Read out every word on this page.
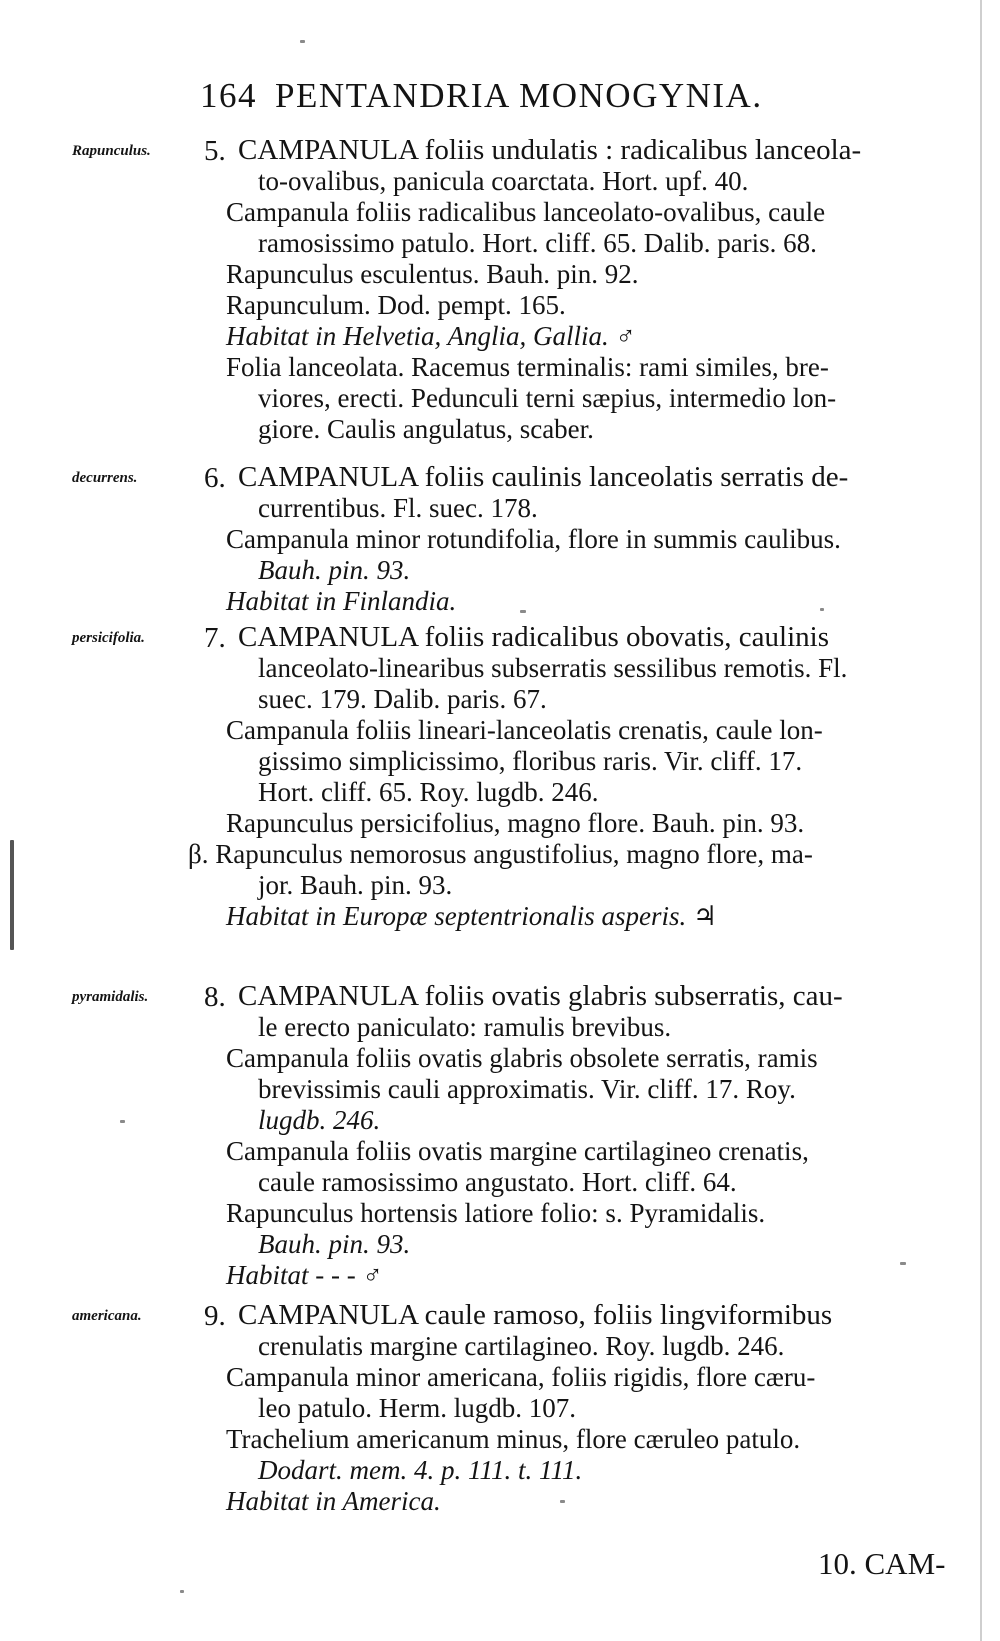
164 PENTANDRIA MONOGYNIA.
Rapunculus.	5. CAMPANULA foliis undulatis : radicalibus lanceola-
to-ovalibus, panicula coarctata. Hort. upf. 40.
Campanula foliis radicalibus lanceolato-ovalibus, caule
ramosissimo patulo. Hort. cliff. 65. Dalib. paris. 68.
Rapunculus esculentus. Bauh. pin. 92.
Rapunculum. Dod. pempt. 165.
Habitat in Helvetia, Anglia, Gallia. ♂
Folia lanceolata. Racemus terminalis: rami similes, bre-
viores, erecti. Pedunculi terni sæpius, intermedio lon-
giore. Caulis angulatus, scaber.
decurrens.	6. CAMPANULA foliis caulinis lanceolatis serratis de-
currentibus. Fl. suec. 178.
Campanula minor rotundifolia, flore in summis caulibus.
Bauh. pin. 93.
Habitat in Finlandia.
persicifolia.	7. CAMPANULA foliis radicalibus obovatis, caulinis
lanceolato-linearibus subserratis sessilibus remotis. Fl.
suec. 179. Dalib. paris. 67.
Campanula foliis lineari-lanceolatis crenatis, caule lon-
gissimo simplicissimo, floribus raris. Vir. cliff. 17.
Hort. cliff. 65. Roy. lugdb. 246.
Rapunculus persicifolius, magno flore. Bauh. pin. 93.
β. Rapunculus nemorosus angustifolius, magno flore, ma-
jor. Bauh. pin. 93.
Habitat in Europæ septentrionalis asperis. ♃
pyramidalis.	8. CAMPANULA foliis ovatis glabris subserratis, cau-
le erecto paniculato: ramulis brevibus.
Campanula foliis ovatis glabris obsolete serratis, ramis
brevissimis cauli approximatis. Vir. cliff. 17. Roy.
lugdb. 246.
Campanula foliis ovatis margine cartilagineo crenatis,
caule ramosissimo angustato. Hort. cliff. 64.
Rapunculus hortensis latiore folio: s. Pyramidalis.
Bauh. pin. 93.
Habitat - - - ♂
americana.	9. CAMPANULA caule ramoso, foliis lingviformibus
crenulatis margine cartilagineo. Roy. lugdb. 246.
Campanula minor americana, foliis rigidis, flore cæru-
leo patulo. Herm. lugdb. 107.
Trachelium americanum minus, flore cæruleo patulo.
Dodart. mem. 4. p. 111. t. 111.
Habitat in America.
10. CAM-
